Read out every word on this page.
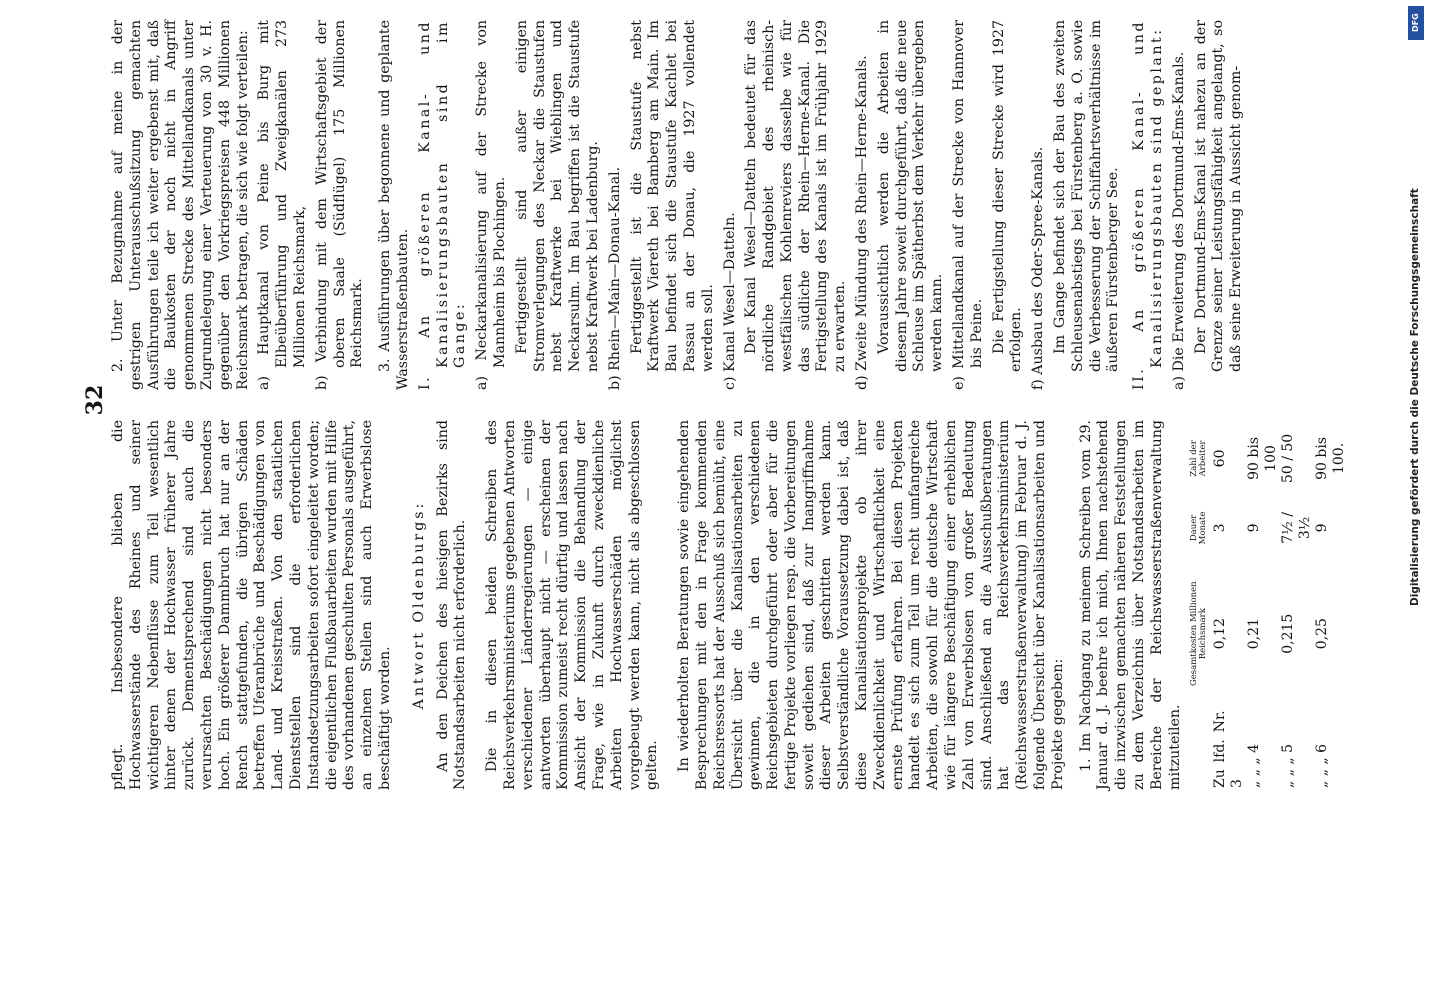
32

pflegt. Insbesondere blieben die Hochwasserstände des Rheines und seiner wichtigeren Nebenflüsse zum Teil wesentlich hinter denen der Hochwasser früherer Jahre zurück. Dementsprechend sind auch die verursachten Beschädigungen nicht besonders hoch. Ein größerer Dammbruch hat nur an der Rench stattgefunden, die übrigen Schäden betreffen Uferanbrüche und Beschädigungen von Land- und Kreisstraßen. Von den staatlichen Dienststellen sind die erforderlichen Instandsetzungsarbeiten sofort eingeleitet worden; die eigentlichen Flußbauarbeiten wurden mit Hilfe des vorhandenen geschulten Personals ausgeführt, an einzelnen Stellen sind auch Erwerbslose beschäftigt worden.

Antwort Oldenburgs: An den Deichen des hiesigen Bezirks sind Notstandsarbeiten nicht erforderlich. Die in diesen beiden Schreiben des Reichsverkehrsministeriums gegebenen Antworten verschiedener Länderregierungen — einige antworten überhaupt nicht — erscheinen der Kommission zumeist recht dürftig und lassen nach Ansicht der Kommission die Behandlung der Frage, wie in Zukunft durch zweckdienliche Arbeiten Hochwasserschäden möglichst vorgebeugt werden kann, nicht als abgeschlossen gelten. In wiederholten Beratungen sowie eingehenden Besprechungen mit den in Frage kommenden Reichsressorts hat der Ausschuß sich bemüht, eine Übersicht über die Kanalisationsarbeiten zu gewinnen, die in den verschiedenen Reichsgebieten durchgeführt oder aber für die fertige Projekte vorliegen resp. die Vorbereitungen soweit gediehen sind, daß zur Inangriffnahme dieser Arbeiten geschritten werden kann. Selbstverständliche Voraussetzung dabei ist, daß diese Kanalisationsprojekte ob ihrer Zweckdienlichkeit und Wirtschaftlichkeit eine ernste Prüfung erfahren. Bei diesen Projekten handelt es sich zum Teil um recht umfangreiche Arbeiten, die sowohl für die deutsche Wirtschaft wie für längere Beschäftigung einer erheblichen Zahl von Erwerbslosen von großer Bedeutung sind. Anschließend an die Ausschußberatungen hat das Reichsverkehrsministerium (Reichswasserstraßenverwaltung) im Februar d. J. folgende Übersicht über Kanalisationsarbeiten und Projekte gegeben: 1. Im Nachgang zu meinem Schreiben vom 29. Januar d. J. beehre ich mich, Ihnen nachstehend die inzwischen gemachten näheren Feststellungen zu dem Verzeichnis über Notstandsarbeiten im Bereiche der Reichswasserstraßenverwaltung mitzuteilen.

	Gesamtkosten Millionen Reichsmark	Dauer Monate	Zahl der Arbeiter
Zu lfd. Nr. 3	0,12	3	60
„ „ „ 4	0,21	9	90 bis 100
„ „ „ 5	0,215	7½ / 3½	50 / 50
„ „ „ 6	0,25	9	90 bis 100.

2. Unter Bezugnahme auf meine in der gestrigen Unterausschußsitzung gemachten Ausführungen teile ich weiter ergebenst mit, daß die Baukosten der noch nicht in Angriff genommenen Strecke des Mittellandkanals unter Zugrundelegung einer Verteuerung von 30 v. H. gegenüber den Vorkriegspreisen 448 Millionen Reichsmark betragen, die sich wie folgt verteilen: a) Hauptkanal von Peine bis Burg mit Elbeüberführung und Zweigkanälen 273 Millionen Reichsmark, b) Verbindung mit dem Wirtschaftsgebiet der oberen Saale (Südflügel) 175 Millionen Reichsmark. 3. Ausführungen über begonnene und geplante Wasserstraßenbauten. I. An größeren Kanal- und Kanalisierungsbauten sind im Gange: a) Neckarkanalisierung auf der Strecke von Mannheim bis Plochingen. Fertiggestellt sind außer einigen Stromverlegungen des Neckar die Staustufen nebst Kraftwerke bei Wieblingen und Neckarsulm. Im Bau begriffen ist die Staustufe nebst Kraftwerk bei Ladenburg. b) Rhein—Main—Donau-Kanal. Fertiggestellt ist die Staustufe nebst Kraftwerk Viereth bei Bamberg am Main. Im Bau befindet sich die Staustufe Kachlet bei Passau an der Donau, die 1927 vollendet werden soll. c) Kanal Wesel—Datteln. Der Kanal Wesel—Datteln bedeutet für das nördliche Randgebiet des rheinisch-westfälischen Kohlenreviers dasselbe wie für das südliche der Rhein—Herne-Kanal. Die Fertigstellung des Kanals ist im Frühjahr 1929 zu erwarten. d) Zweite Mündung des Rhein—Herne-Kanals. Voraussichtlich werden die Arbeiten in diesem Jahre soweit durchgeführt, daß die neue Schleuse im Spätherbst dem Verkehr übergeben werden kann. e) Mittellandkanal auf der Strecke von Hannover bis Peine. Die Fertigstellung dieser Strecke wird 1927 erfolgen. f) Ausbau des Oder-Spree-Kanals. Im Gange befindet sich der Bau des zweiten Schleusenabstiegs bei Fürstenberg a. O. sowie die Verbesserung der Schiffahrtsverhältnisse im äußeren Fürstenberger See. II. An größeren Kanal- und Kanalisierungsbauten sind geplant: a) Die Erweiterung des Dortmund-Ems-Kanals. Der Dortmund-Ems-Kanal ist nahezu an der Grenze seiner Leistungsfähigkeit angelangt, so daß seine Erweiterung in Aussicht genom-

DFG
Digitalisierung gefördert durch die Deutsche Forschungsgemeinschaft
